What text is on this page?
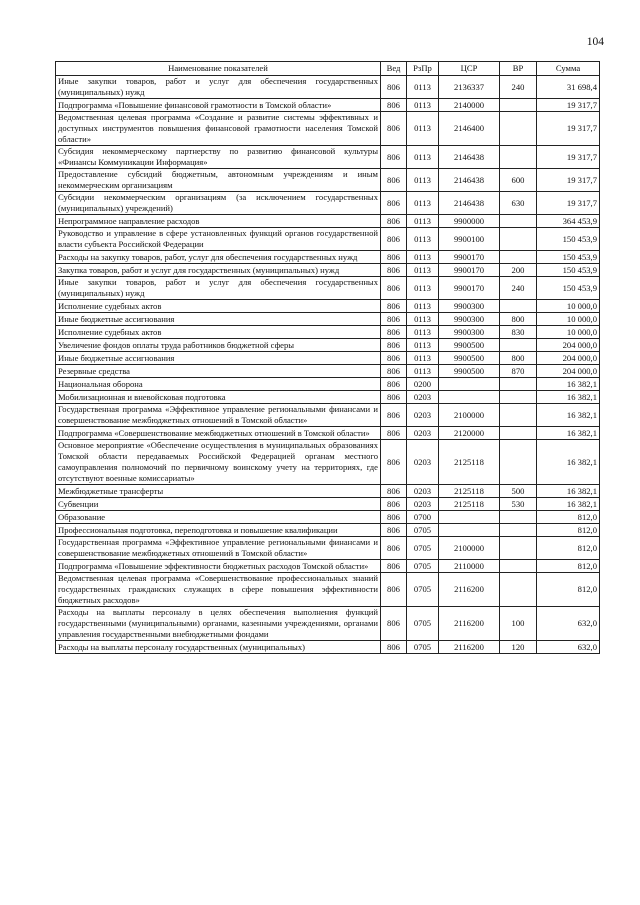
104
Наименование показателей	Вед	РзПр	ЦСР	ВР	Сумма
Иные закупки товаров, работ и услуг для обеспечения государственных (муниципальных) нужд	806	0113	2136337	240	31 698,4
Подпрограмма «Повышение финансовой грамотности в Томской области»	806	0113	2140000		19 317,7
Ведомственная целевая программа «Создание и развитие системы эффективных и доступных инструментов повышения финансовой грамотности населения Томской области»	806	0113	2146400		19 317,7
Субсидия некоммерческому партнерству по развитию финансовой культуры «Финансы Коммуникации Информация»	806	0113	2146438		19 317,7
Предоставление субсидий бюджетным, автономным учреждениям и иным некоммерческим организациям	806	0113	2146438	600	19 317,7
Субсидии некоммерческим организациям (за исключением государственных (муниципальных) учреждений)	806	0113	2146438	630	19 317,7
Непрограммное направление расходов	806	0113	9900000		364 453,9
Руководство и управление в сфере установленных функций органов государственной власти субъекта Российской Федерации	806	0113	9900100		150 453,9
Расходы на закупку товаров, работ, услуг для обеспечения государственных нужд	806	0113	9900170		150 453,9
Закупка товаров, работ и услуг для государственных (муниципальных) нужд	806	0113	9900170	200	150 453,9
Иные закупки товаров, работ и услуг для обеспечения государственных (муниципальных) нужд	806	0113	9900170	240	150 453,9
Исполнение судебных актов	806	0113	9900300		10 000,0
Иные бюджетные ассигнования	806	0113	9900300	800	10 000,0
Исполнение судебных актов	806	0113	9900300	830	10 000,0
Увеличение фондов оплаты труда работников бюджетной сферы	806	0113	9900500		204 000,0
Иные бюджетные ассигнования	806	0113	9900500	800	204 000,0
Резервные средства	806	0113	9900500	870	204 000,0
Национальная оборона	806	0200			16 382,1
Мобилизационная и вневойсковая подготовка	806	0203			16 382,1
Государственная программа «Эффективное управление региональными финансами и совершенствование межбюджетных отношений в Томской области»	806	0203	2100000		16 382,1
Подпрограмма «Совершенствование межбюджетных отношений в Томской области»	806	0203	2120000		16 382,1
Основное мероприятие «Обеспечение осуществления в муниципальных образованиях Томской области передаваемых Российской Федерацией органам местного самоуправления полномочий по первичному воинскому учету на территориях, где отсутствуют военные комиссариаты»	806	0203	2125118		16 382,1
Межбюджетные трансферты	806	0203	2125118	500	16 382,1
Субвенции	806	0203	2125118	530	16 382,1
Образование	806	0700			812,0
Профессиональная подготовка, переподготовка и повышение квалификации	806	0705			812,0
Государственная программа «Эффективное управление региональными финансами и совершенствование межбюджетных отношений в Томской области»	806	0705	2100000		812,0
Подпрограмма «Повышение эффективности бюджетных расходов Томской области»	806	0705	2110000		812,0
Ведомственная целевая программа «Совершенствование профессиональных знаний государственных гражданских служащих в сфере повышения эффективности бюджетных расходов»	806	0705	2116200		812,0
Расходы на выплаты персоналу в целях обеспечения выполнения функций государственными (муниципальными) органами, казенными учреждениями, органами управления государственными внебюджетными фондами	806	0705	2116200	100	632,0
Расходы на выплаты персоналу государственных (муниципальных)	806	0705	2116200	120	632,0
